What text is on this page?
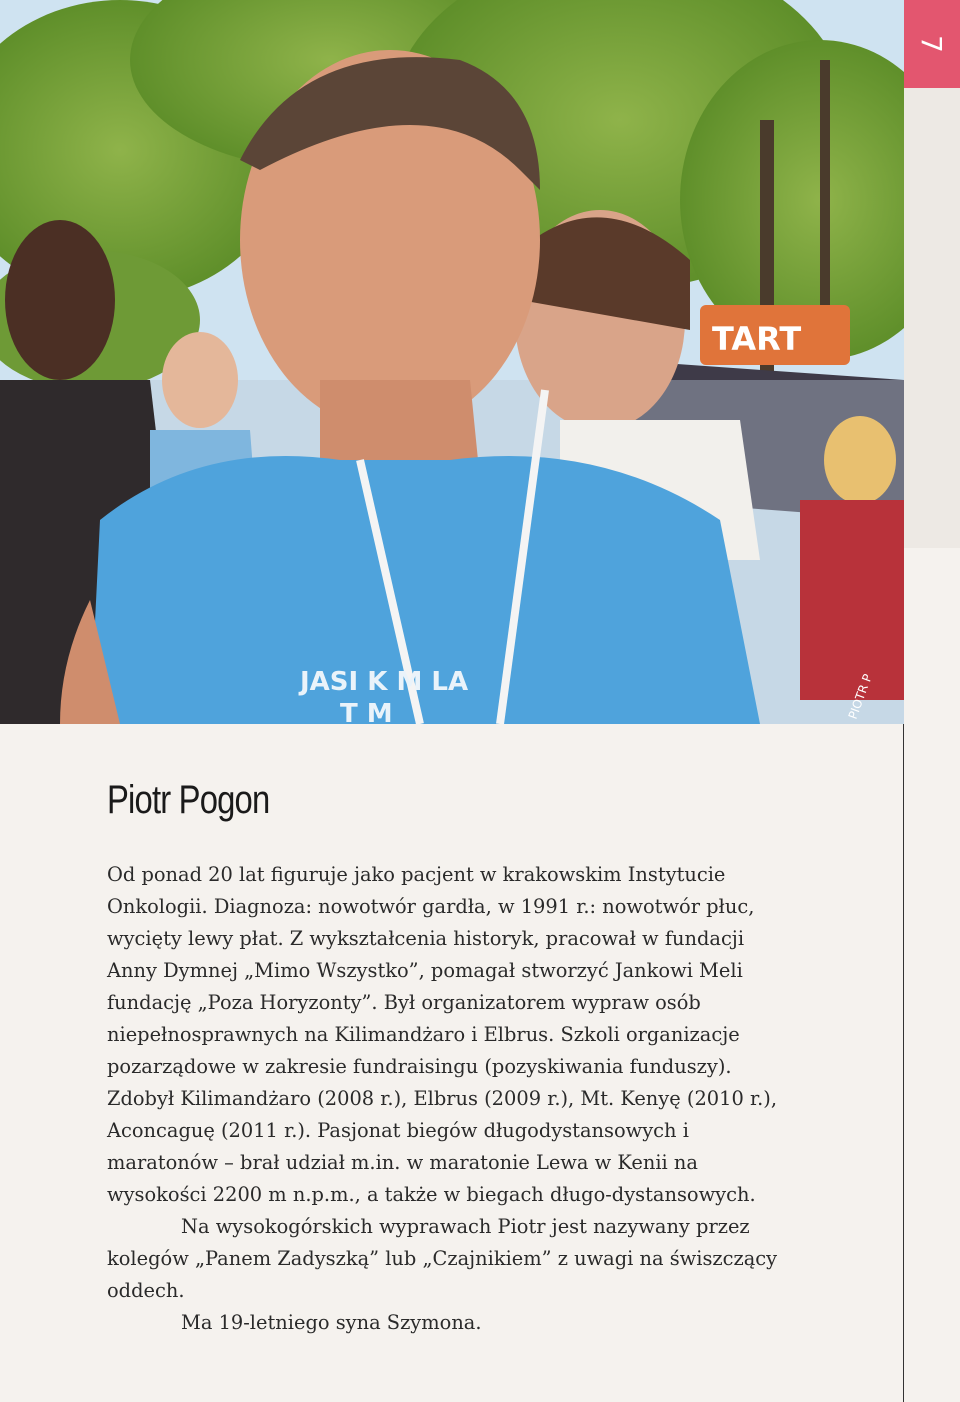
TART
JASI K M LA
T M	PIOTR P
7
Piotr Pogon

Od ponad 20 lat figuruje jako pacjent w krakowskim Instytucie Onkologii. Diagnoza: nowotwór gardła, w 1991 r.: nowotwór płuc, wycięty lewy płat. Z wykształcenia historyk, pracował w fundacji Anny Dymnej „Mimo Wszystko”, pomagał stworzyć Jankowi Meli fundację „Poza Horyzonty”. Był organizatorem wypraw osób niepełnosprawnych na Kilimandżaro i Elbrus. Szkoli organizacje pozarządowe w zakresie fundraisingu (pozyskiwania funduszy). Zdobył Kilimandżaro (2008 r.), Elbrus (2009 r.), Mt. Kenyę (2010 r.), Aconcaguę (2011 r.). Pasjonat biegów długodystansowych i maratonów – brał udział m.in. w maratonie Lewa w Kenii na wysokości 2200 m n.p.m., a także w biegach długo-dystansowych.

Na wysokogórskich wyprawach Piotr jest nazywany przez kolegów „Panem Zadyszką” lub „Czajnikiem” z uwagi na świszczący oddech.

Ma 19-letniego syna Szymona.
